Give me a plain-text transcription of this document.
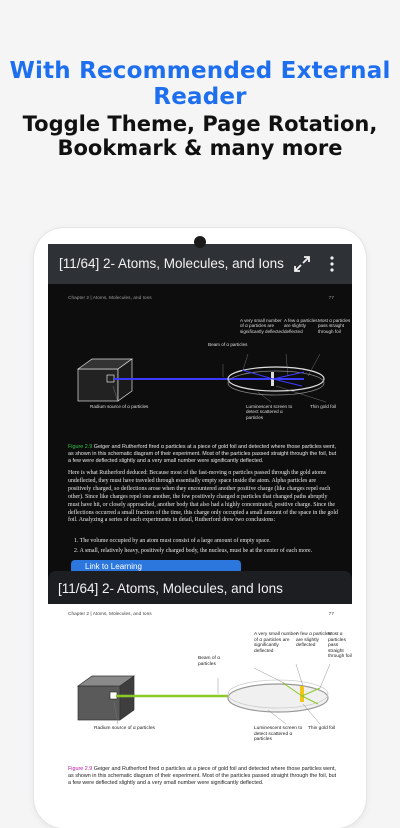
With Recommended External Reader
Toggle Theme, Page Rotation, Bookmark & many more
[11/64] 2- Atoms, Molecules, and Ions
Chapter 2 | Atoms, Molecules, and Ions	77
Beam of α particles
A very small number of α particles are significantly deflected
A few α particles are slightly deflected
Most α particles pass straight through foil
Radium source of α particles	Luminescent screen to detect scattered α particles
Thin gold foil
Figure 2.9 Geiger and Rutherford fired α particles at a piece of gold foil and detected where those particles went, as shown in this schematic diagram of their experiment. Most of the particles passed straight through the foil, but a few were deflected slightly and a very small number were significantly deflected.
Here is what Rutherford deduced: Because most of the fast-moving α particles passed through the gold atoms undeflected, they must have traveled through essentially empty space inside the atom. Alpha particles are positively charged, so deflections arose when they encountered another positive charge (like charges repel each other). Since like charges repel one another, the few positively charged α particles that changed paths abruptly must have hit, or closely approached, another body that also had a highly concentrated, positive charge. Since the deflections occurred a small fraction of the time, this charge only occupied a small amount of the space in the gold foil. Analyzing a series of such experiments in detail, Rutherford drew two conclusions:
1. The volume occupied by an atom must consist of a large amount of empty space.
2. A small, relatively heavy, positively charged body, the nucleus, must be at the center of each more.
Link to Learning
[11/64] 2- Atoms, Molecules, and Ions
Chapter 2 | Atoms, Molecules, and Ions	77
Beam of α particles
A very small number of α particles are significantly deflected
A few α particles are slightly deflected
Most α particles pass straight through foil
Radium source of α particles	Luminescent screen to detect scattered α particles
Thin gold foil
Figure 2.9 Geiger and Rutherford fired α particles at a piece of gold foil and detected where those particles went, as shown in this schematic diagram of their experiment. Most of the particles passed straight through the foil, but a few were deflected slightly and a very small number were significantly deflected.
